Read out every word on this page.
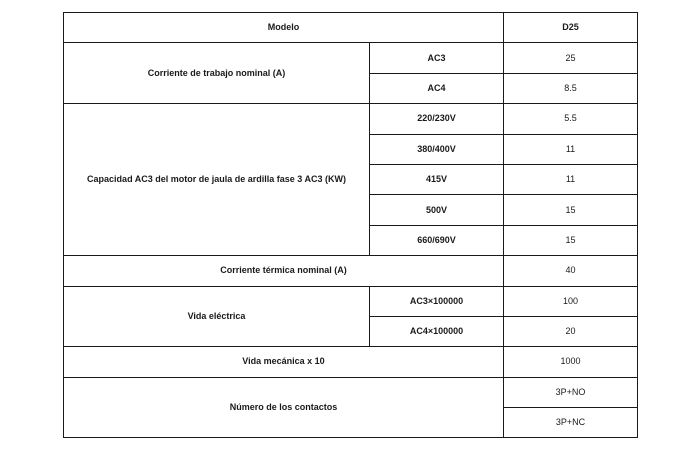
Modelo		D25
Corriente de trabajo nominal (A)	AC3	25
	AC4	8.5
Capacidad AC3 del motor de jaula de ardilla fase 3 AC3 (KW)	220/230V	5.5
	380/400V	11
	415V	11
	500V	15
	660/690V	15
Corriente térmica nominal (A)		40
Vida eléctrica	AC3×100000	100
	AC4×100000	20
Vida mecánica x 10		1000
Número de los contactos		3P+NO
		3P+NC
